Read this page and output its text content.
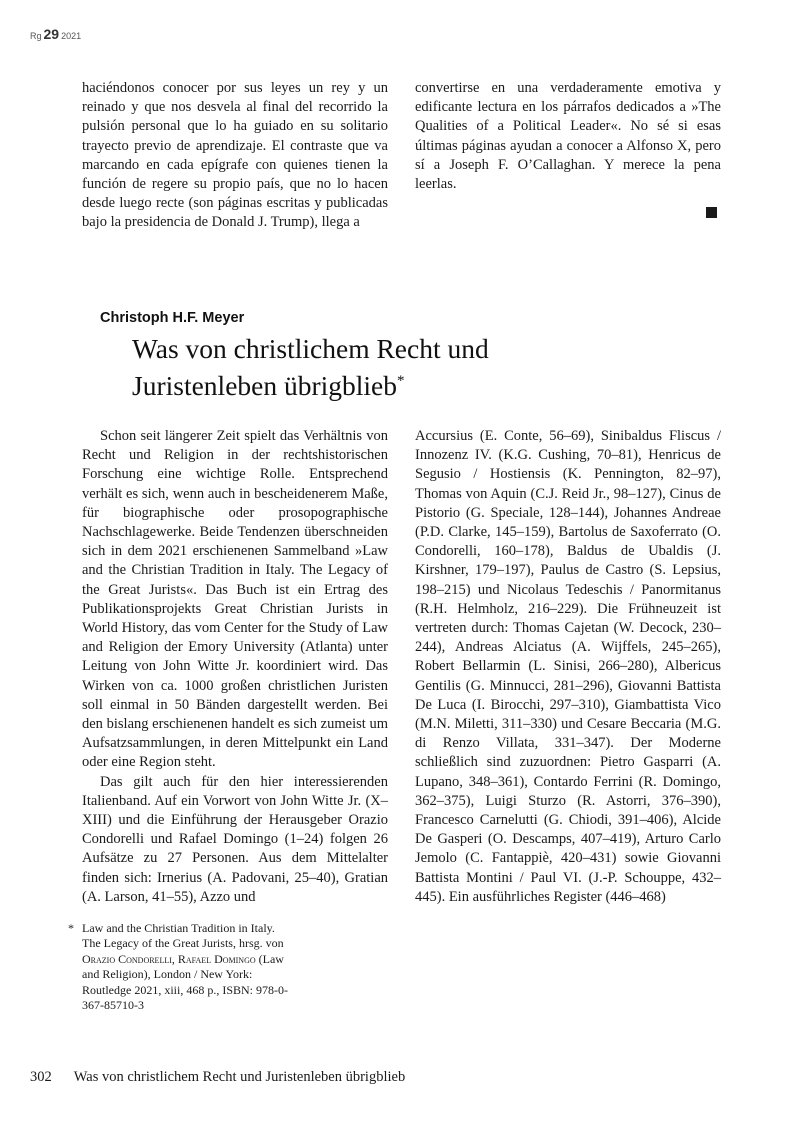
Rg 29 2021

haciéndonos conocer por sus leyes un rey y un reinado y que nos desvela al final del recorrido la pulsión personal que lo ha guiado en su solitario trayecto previo de aprendizaje. El contraste que va marcando en cada epígrafe con quienes tienen la función de regere su propio país, que no lo hacen desde luego recte (son páginas escritas y publicadas bajo la presidencia de Donald J. Trump), llega a

convertirse en una verdaderamente emotiva y edificante lectura en los párrafos dedicados a »The Qualities of a Political Leader«. No sé si esas últimas páginas ayudan a conocer a Alfonso X, pero sí a Joseph F. O’Callaghan. Y merece la pena leerlas.

Christoph H.F. Meyer
Was von christlichem Recht und
Juristenleben übrigblieb*

Schon seit längerer Zeit spielt das Verhältnis von Recht und Religion in der rechtshistorischen Forschung eine wichtige Rolle. Entsprechend verhält es sich, wenn auch in bescheidenerem Maße, für biographische oder prosopographische Nachschlagewerke. Beide Tendenzen überschneiden sich in dem 2021 erschienenen Sammelband »Law and the Christian Tradition in Italy. The Legacy of the Great Jurists«. Das Buch ist ein Ertrag des Publikationsprojekts Great Christian Jurists in World History, das vom Center for the Study of Law and Religion der Emory University (Atlanta) unter Leitung von John Witte Jr. koordiniert wird. Das Wirken von ca. 1000 großen christlichen Juristen soll einmal in 50 Bänden dargestellt werden. Bei den bislang erschienenen handelt es sich zumeist um Aufsatzsammlungen, in deren Mittelpunkt ein Land oder eine Region steht.

Das gilt auch für den hier interessierenden Italienband. Auf ein Vorwort von John Witte Jr. (X–XIII) und die Einführung der Herausgeber Orazio Condorelli und Rafael Domingo (1–24) folgen 26 Aufsätze zu 27 Personen. Aus dem Mittelalter finden sich: Irnerius (A. Padovani, 25–40), Gratian (A. Larson, 41–55), Azzo und

Accursius (E. Conte, 56–69), Sinibaldus Fliscus / Innozenz IV. (K.G. Cushing, 70–81), Henricus de Segusio / Hostiensis (K. Pennington, 82–97), Thomas von Aquin (C.J. Reid Jr., 98–127), Cinus de Pistorio (G. Speciale, 128–144), Johannes Andreae (P.D. Clarke, 145–159), Bartolus de Saxoferrato (O. Condorelli, 160–178), Baldus de Ubaldis (J. Kirshner, 179–197), Paulus de Castro (S. Lepsius, 198–215) und Nicolaus Tedeschis / Panormitanus (R.H. Helmholz, 216–229). Die Frühneuzeit ist vertreten durch: Thomas Cajetan (W. Decock, 230–244), Andreas Alciatus (A. Wijffels, 245–265), Robert Bellarmin (L. Sinisi, 266–280), Albericus Gentilis (G. Minnucci, 281–296), Giovanni Battista De Luca (I. Birocchi, 297–310), Giambattista Vico (M.N. Miletti, 311–330) und Cesare Beccaria (M.G. di Renzo Villata, 331–347). Der Moderne schließlich sind zuzuordnen: Pietro Gasparri (A. Lupano, 348–361), Contardo Ferrini (R. Domingo, 362–375), Luigi Sturzo (R. Astorri, 376–390), Francesco Carnelutti (G. Chiodi, 391–406), Alcide De Gasperi (O. Descamps, 407–419), Arturo Carlo Jemolo (C. Fantappiè, 420–431) sowie Giovanni Battista Montini / Paul VI. (J.-P. Schouppe, 432–445). Ein ausführliches Register (446–468)

* Law and the Christian Tradition in Italy. The Legacy of the Great Jurists, hrsg. von Orazio Condorelli, Rafael Domingo (Law and Religion), London / New York: Routledge 2021, xiii, 468 p., ISBN: 978-0-367-85710-3
302 Was von christlichem Recht und Juristenleben übrigblieb
